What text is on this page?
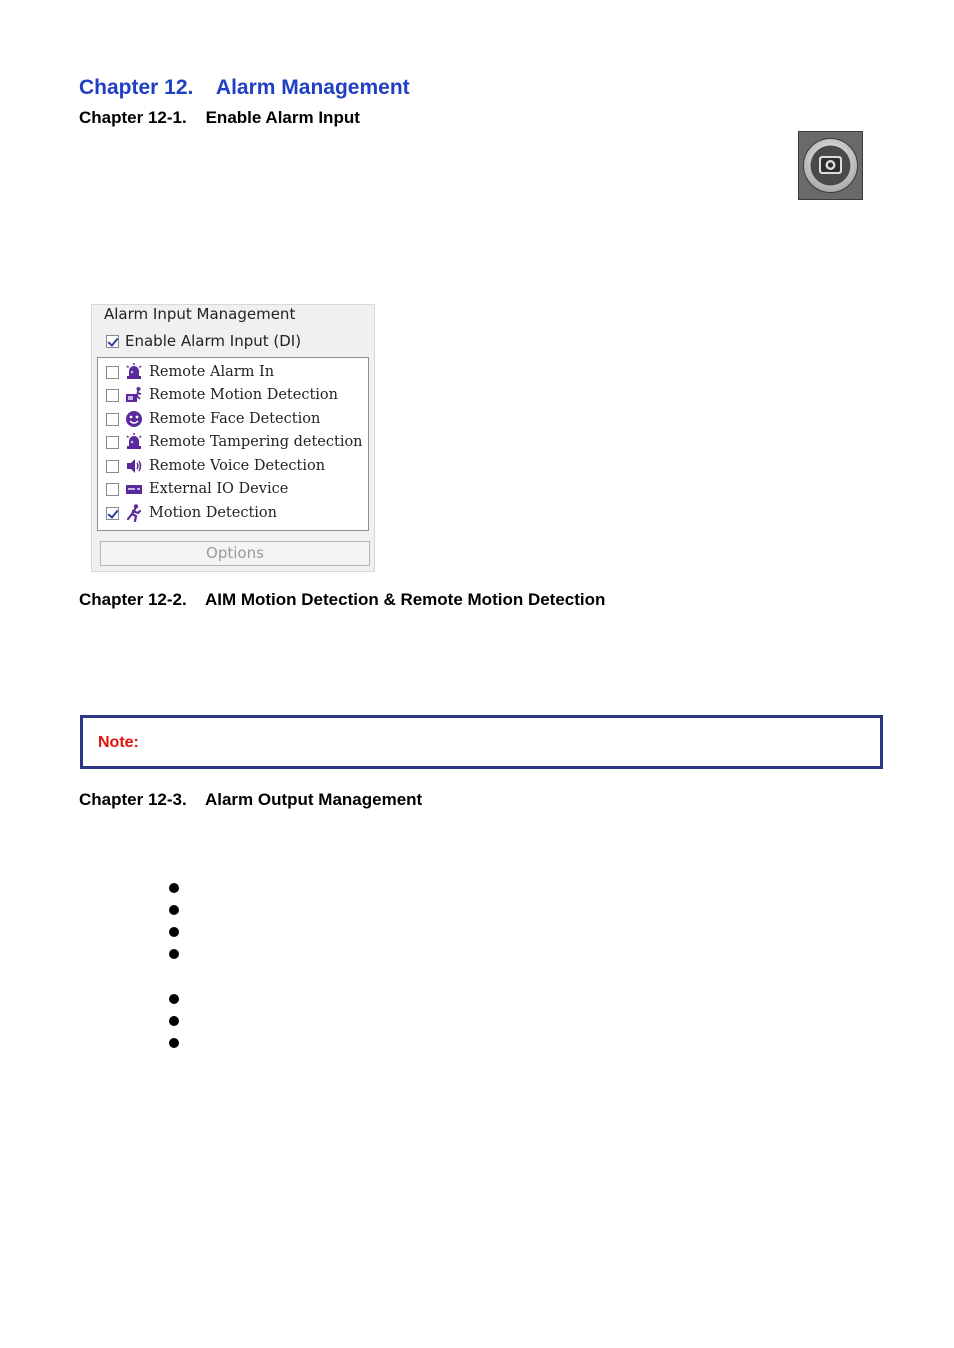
Chapter 12.    Alarm Management
Chapter 12-1.    Enable Alarm Input
Alarm Input Management
Enable Alarm Input (DI)
Remote Alarm In
Remote Motion Detection
Remote Face Detection
Remote Tampering detection
Remote Voice Detection
External IO Device
Motion Detection
Options
Chapter 12-2.    AIM Motion Detection & Remote Motion Detection
Note:
Chapter 12-3.    Alarm Output Management
